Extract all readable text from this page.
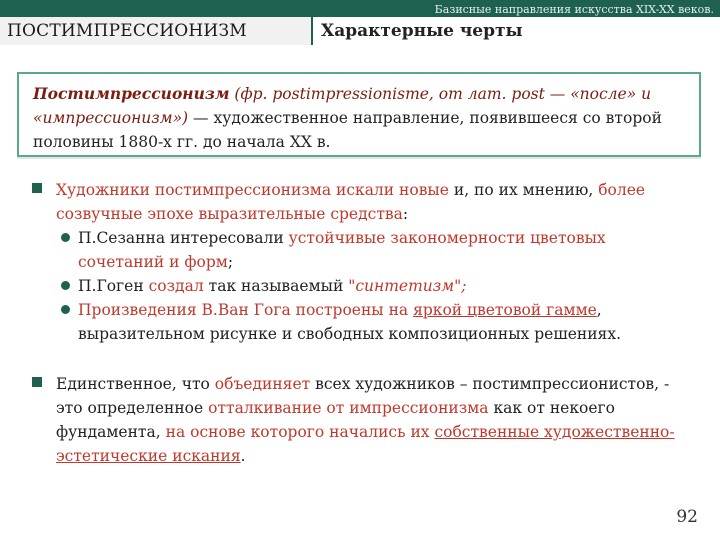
Базисные направления искусства XIX-XX веков.
ПОСТИМПРЕССИОНИЗМ	Характерные черты
Постимпрессионизм (фр. postimpressionisme, от лат. post — «после» и «импрессионизм») — художественное направление, появившееся со второй половины 1880-х гг. до начала XX в.
Художники постимпрессионизма искали новые и, по их мнению, более созвучные эпохе выразительные средства:
П.Сезанна интересовали устойчивые закономерности цветовых сочетаний и форм;
П.Гоген создал так называемый "синтетизм";
Произведения В.Ван Гога построены на яркой цветовой гамме, выразительном рисунке и свободных композиционных решениях.
Единственное, что объединяет всех художников – постимпрессионистов, - это определенное отталкивание от импрессионизма как от некоего фундамента, на основе которого начались их собственные художественно-эстетические искания.
92
